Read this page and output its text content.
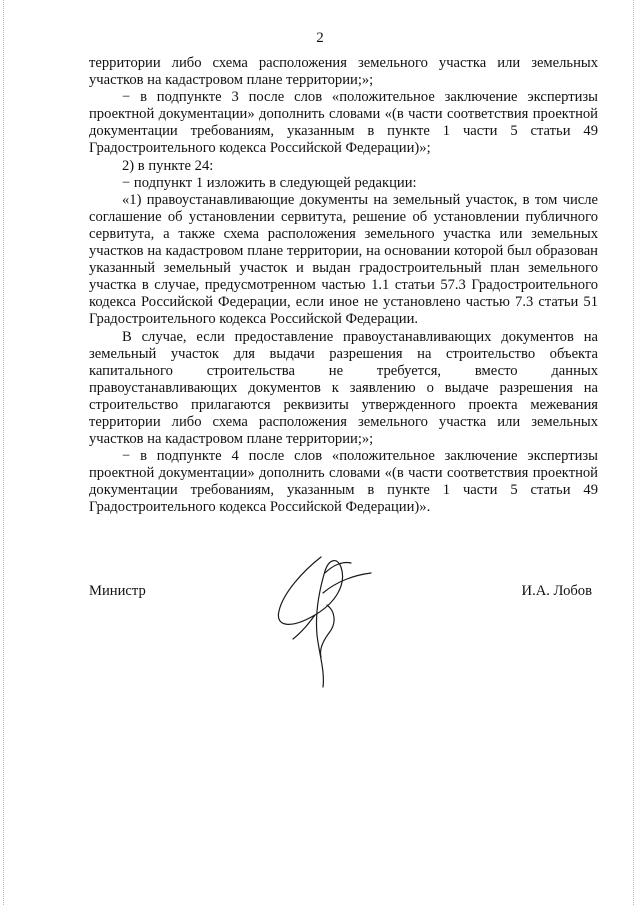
2

территории либо схема расположения земельного участка или земельных участков на кадастровом плане территории;»;

− в подпункте 3 после слов «положительное заключение экспертизы проектной документации» дополнить словами «(в части соответствия проектной документации требованиям, указанным в пункте 1 части 5 статьи 49 Градостроительного кодекса Российской Федерации)»;

2) в пункте 24:

− подпункт 1 изложить в следующей редакции:

«1) правоустанавливающие документы на земельный участок, в том числе соглашение об установлении сервитута, решение об установлении публичного сервитута, а также схема расположения земельного участка или земельных участков на кадастровом плане территории, на основании которой был образован указанный земельный участок и выдан градостроительный план земельного участка в случае, предусмотренном частью 1.1 статьи 57.3 Градостроительного кодекса Российской Федерации, если иное не установлено частью 7.3 статьи 51 Градостроительного кодекса Российской Федерации.

В случае, если предоставление правоустанавливающих документов на земельный участок для выдачи разрешения на строительство объекта капитального строительства не требуется, вместо данных правоустанавливающих документов к заявлению о выдаче разрешения на строительство прилагаются реквизиты утвержденного проекта межевания территории либо схема расположения земельного участка или земельных участков на кадастровом плане территории;»;

− в подпункте 4 после слов «положительное заключение экспертизы проектной документации» дополнить словами «(в части соответствия проектной документации требованиям, указанным в пункте 1 части 5 статьи 49 Градостроительного кодекса Российской Федерации)».

Министр	И.А. Лобов
